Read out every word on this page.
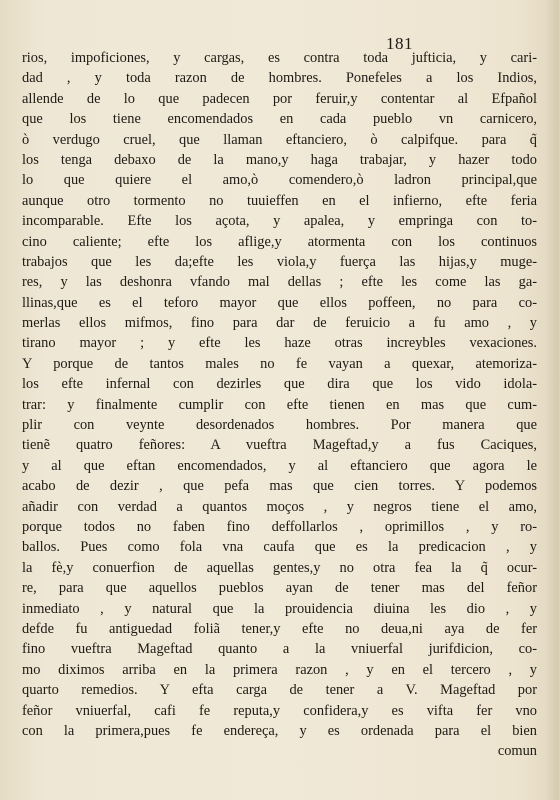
181
rios, impoficiones, y cargas, es contra toda jufticia, y cari-
dad , y toda razon de hombres. Ponefeles a los Indios,
allende de lo que padecen por feruir,y contentar al Efpañol
que los tiene encomendados en cada pueblo vn carnicero,
ò verdugo cruel, que llaman eftanciero, ò calpifque. para q̃
los tenga debaxo de la mano,y haga trabajar, y hazer todo
lo que quiere el amo,ò comendero,ò ladron principal,que
aunque otro tormento no tuuieffen en el infierno, efte feria
incomparable. Efte los açota, y apalea, y empringa con to-
cino caliente; efte los aflige,y atormenta con los continuos
trabajos que les da;efte les viola,y fuerça las hijas,y muge-
res, y las deshonra vfando mal dellas ; efte les come las ga-
llinas,que es el teforo mayor que ellos poffeen, no para co-
merlas ellos mifmos, fino para dar de feruicio a fu amo , y
tirano mayor ; y efte les haze otras increybles vexaciones.
Y porque de tantos males no fe vayan a quexar, atemoriza-
los efte infernal con dezirles que dira que los vido idola-
trar: y finalmente cumplir con efte tienen en mas que cum-
plir con veynte desordenados hombres. Por manera que
tienẽ quatro feñores: A vueftra Mageftad,y a fus Caciques,
y al que eftan encomendados, y al eftanciero que agora le
acabo de dezir , que pefa mas que cien torres. Y podemos
añadir con verdad a quantos moços , y negros tiene el amo,
porque todos no faben fino deffollarlos , oprimillos , y ro-
ballos. Pues como fola vna caufa que es la predicacion , y
la fè,y conuerfion de aquellas gentes,y no otra fea la q̃ ocur-
re, para que aquellos pueblos ayan de tener mas del feñor
inmediato , y natural que la prouidencia diuina les dio , y
defde fu antiguedad foliã tener,y efte no deua,ni aya de fer
fino vueftra Mageftad quanto a la vniuerfal jurifdicion, co-
mo diximos arriba en la primera razon , y en el tercero , y
quarto remedios. Y efta carga de tener a V. Mageftad por
feñor vniuerfal, cafi fe reputa,y confidera,y es vifta fer vno
con la primera,pues fe endereça, y es ordenada para el bien
comun
